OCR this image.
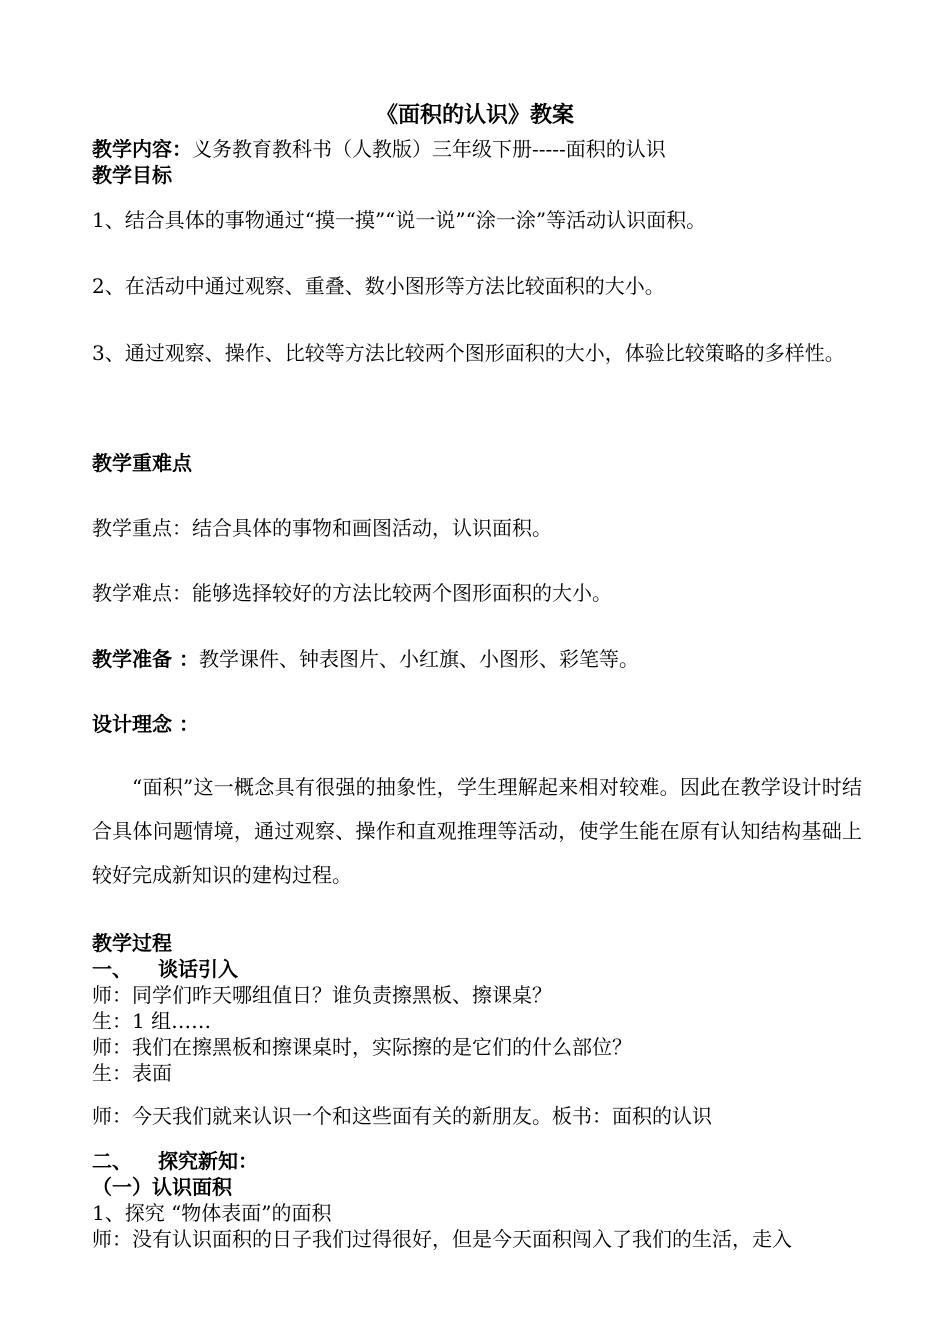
《面积的认识》教案
教学内容：义务教育教科书（人教版）三年级下册-----面积的认识
教学目标
1、结合具体的事物通过“摸一摸”“说一说”“涂一涂”等活动认识面积。
2、在活动中通过观察、重叠、数小图形等方法比较面积的大小。
3、通过观察、操作、比较等方法比较两个图形面积的大小，体验比较策略的多样性。
教学重难点
教学重点：结合具体的事物和画图活动，认识面积。
教学难点：能够选择较好的方法比较两个图形面积的大小。
教学准备 ：教学课件、钟表图片、小红旗、小图形、彩笔等。
设计理念 ：
“面积”这一概念具有很强的抽象性，学生理解起来相对较难。因此在教学设计时结合具体问题情境，通过观察、操作和直观推理等活动，使学生能在原有认知结构基础上较好完成新知识的建构过程。
教学过程
一、 谈话引入
师：同学们昨天哪组值日？谁负责擦黑板、擦课桌？
生：1 组……
师：我们在擦黑板和擦课桌时，实际擦的是它们的什么部位？
生：表面
师：今天我们就来认识一个和这些面有关的新朋友。板书：面积的认识
二、 探究新知：
（一）认识面积
1、探究 “物体表面”的面积
师：没有认识面积的日子我们过得很好，但是今天面积闯入了我们的生活，走入
